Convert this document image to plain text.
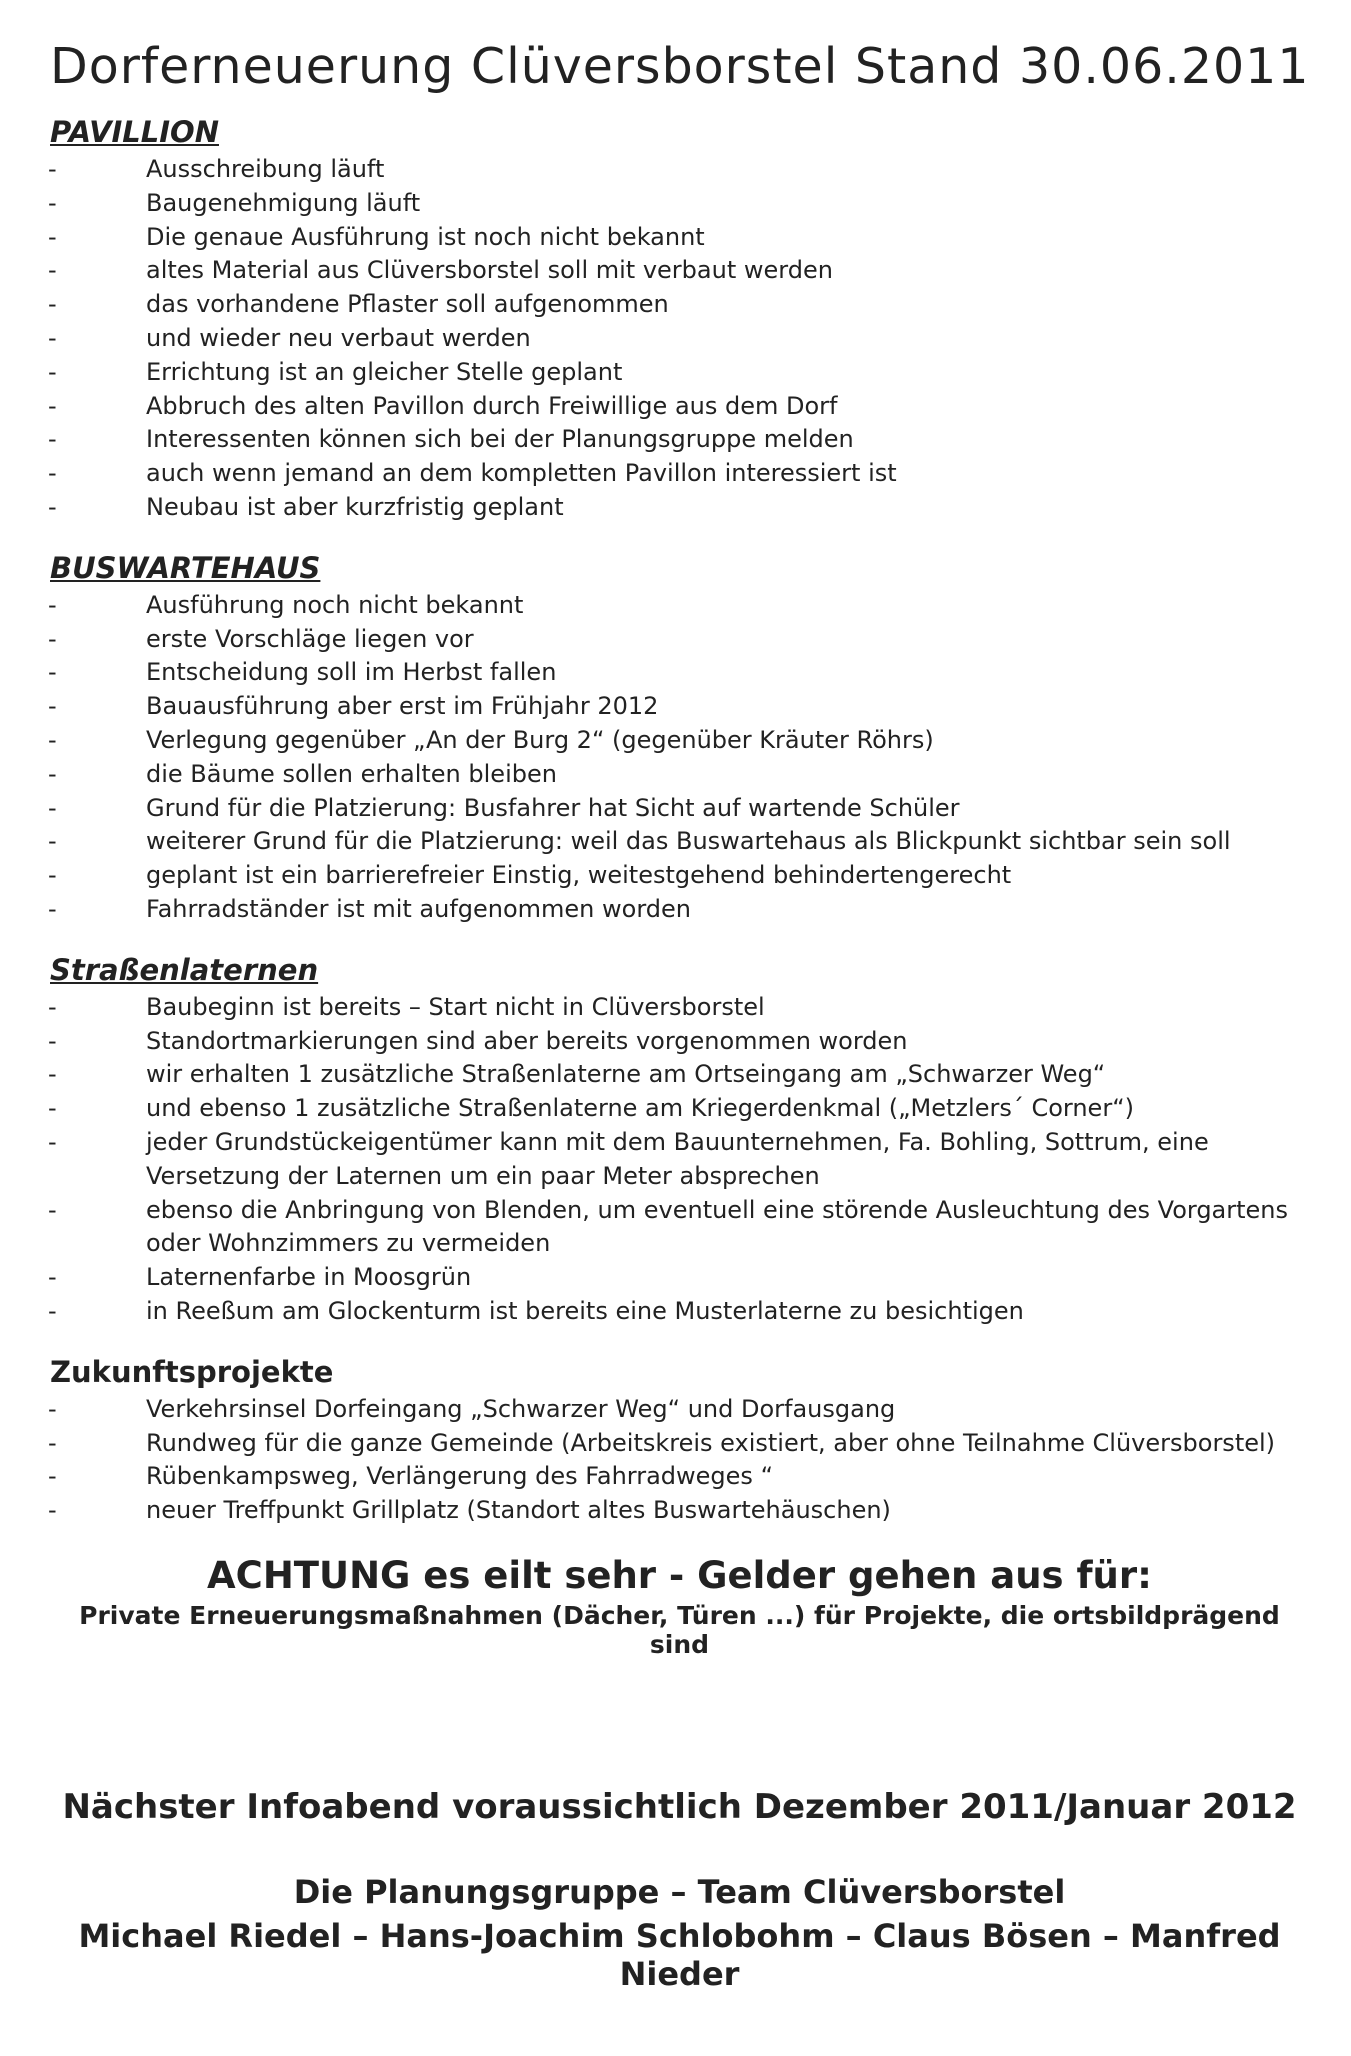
Dorferneuerung Clüversborstel Stand 30.06.2011
PAVILLION
-	Ausschreibung läuft
-	Baugenehmigung läuft
-	Die genaue Ausführung ist noch nicht bekannt
-	altes Material aus Clüversborstel soll mit verbaut werden
-	das vorhandene Pflaster soll aufgenommen
-	und wieder neu verbaut werden
-	Errichtung ist an gleicher Stelle geplant
-	Abbruch des alten Pavillon durch Freiwillige aus dem Dorf
-	Interessenten können sich bei der Planungsgruppe melden
-	auch wenn jemand an dem kompletten Pavillon interessiert ist
-	Neubau ist aber kurzfristig geplant
BUSWARTEHAUS
-	Ausführung noch nicht bekannt
-	erste Vorschläge liegen vor
-	Entscheidung soll im Herbst fallen
-	Bauausführung aber erst im Frühjahr 2012
-	Verlegung gegenüber „An der Burg 2“ (gegenüber Kräuter Röhrs)
-	die Bäume sollen erhalten bleiben
-	Grund für die Platzierung: Busfahrer hat Sicht auf wartende Schüler
-	weiterer Grund für die Platzierung: weil das Buswartehaus als Blickpunkt sichtbar sein soll
-	geplant ist ein barrierefreier Einstig, weitestgehend behindertengerecht
-	Fahrradständer ist mit aufgenommen worden
Straßenlaternen
-	Baubeginn ist bereits – Start nicht in Clüversborstel
-	Standortmarkierungen sind aber bereits vorgenommen worden
-	wir erhalten 1 zusätzliche Straßenlaterne am Ortseingang am „Schwarzer Weg“
-	und ebenso 1 zusätzliche Straßenlaterne am Kriegerdenkmal („Metzlers´ Corner“)
-	jeder Grundstückeigentümer kann mit dem Bauunternehmen, Fa. Bohling, Sottrum, eine Versetzung der Laternen um ein paar Meter absprechen
-	ebenso die Anbringung von Blenden, um eventuell eine störende Ausleuchtung des Vorgartens oder Wohnzimmers zu vermeiden
-	Laternenfarbe in Moosgrün
-	in Reeßum am Glockenturm ist bereits eine Musterlaterne zu besichtigen
Zukunftsprojekte
-	Verkehrsinsel Dorfeingang „Schwarzer Weg“ und Dorfausgang
-	Rundweg für die ganze Gemeinde (Arbeitskreis existiert, aber ohne Teilnahme Clüversborstel)
-	Rübenkampsweg, Verlängerung des Fahrradweges “
-	neuer Treffpunkt Grillplatz (Standort altes Buswartehäuschen)
ACHTUNG es eilt sehr - Gelder gehen aus für:
Private Erneuerungsmaßnahmen (Dächer, Türen ...) für Projekte, die ortsbildprägend sind
Nächster Infoabend voraussichtlich Dezember 2011/Januar 2012
Die Planungsgruppe – Team Clüversborstel
Michael Riedel – Hans-Joachim Schlobohm – Claus Bösen – Manfred Nieder
